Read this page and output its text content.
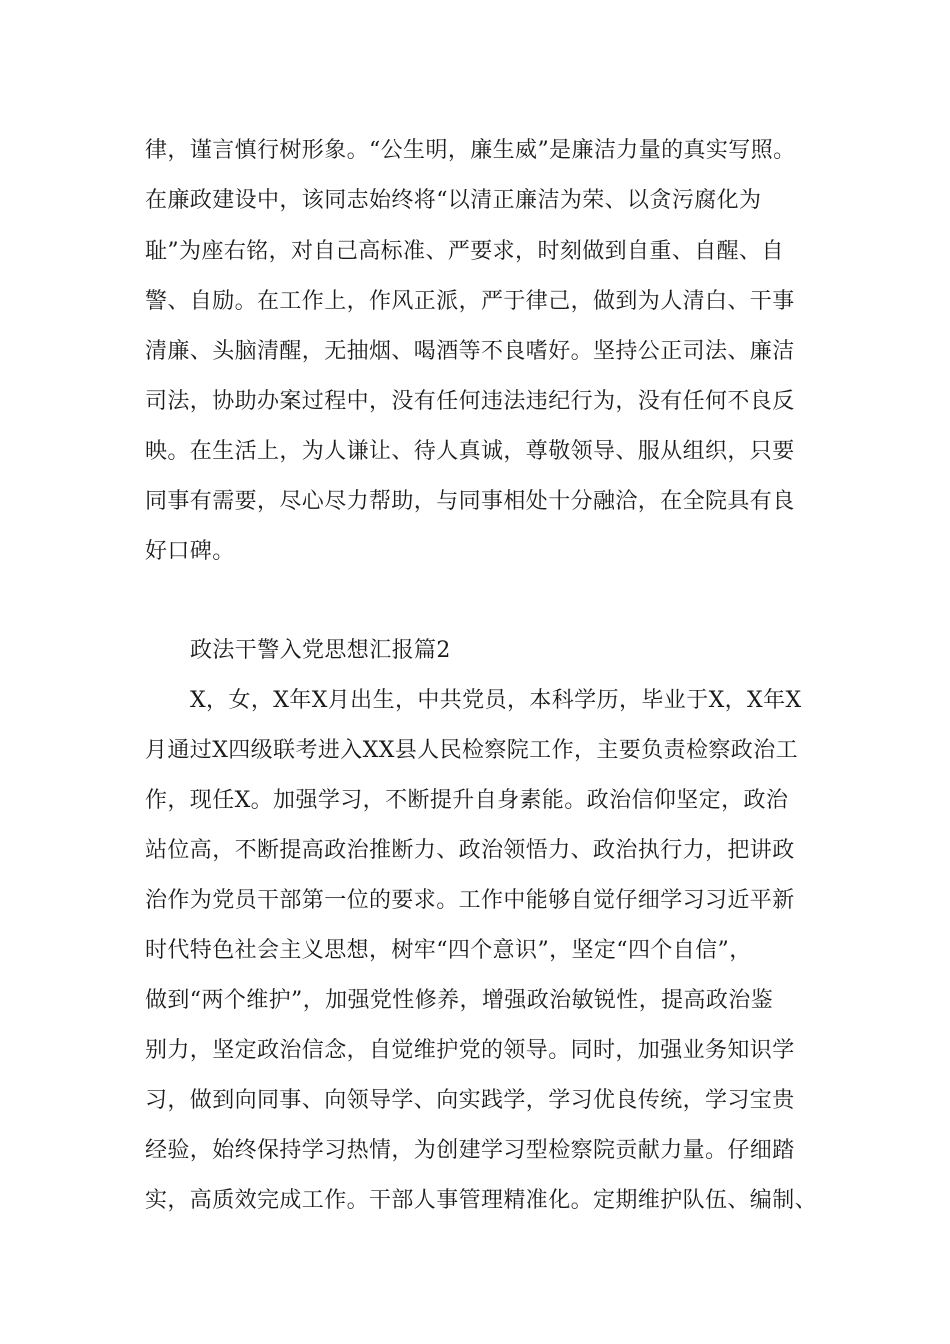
律，谨言慎行树形象。“公生明，廉生威”是廉洁力量的真实写照。
在廉政建设中，该同志始终将“以清正廉洁为荣、以贪污腐化为
耻”为座右铭，对自己高标准、严要求，时刻做到自重、自醒、自
警、自励。在工作上，作风正派，严于律己，做到为人清白、干事
清廉、头脑清醒，无抽烟、喝酒等不良嗜好。坚持公正司法、廉洁
司法，协助办案过程中，没有任何违法违纪行为，没有任何不良反
映。在生活上，为人谦让、待人真诚，尊敬领导、服从组织，只要
同事有需要，尽心尽力帮助，与同事相处十分融洽，在全院具有良
好口碑。
政法干警入党思想汇报篇2
X，女，X年X月出生，中共党员，本科学历，毕业于X，X年X
月通过X四级联考进入XX县人民检察院工作，主要负责检察政治工
作，现任X。加强学习，不断提升自身素能。政治信仰坚定，政治
站位高，不断提高政治推断力、政治领悟力、政治执行力，把讲政
治作为党员干部第一位的要求。工作中能够自觉仔细学习习近平新
时代特色社会主义思想，树牢“四个意识”，坚定“四个自信”，
做到“两个维护”，加强党性修养，增强政治敏锐性，提高政治鉴
别力，坚定政治信念，自觉维护党的领导。同时，加强业务知识学
习，做到向同事、向领导学、向实践学，学习优良传统，学习宝贵
经验，始终保持学习热情，为创建学习型检察院贡献力量。仔细踏
实，高质效完成工作。干部人事管理精准化。定期维护队伍、编制、
